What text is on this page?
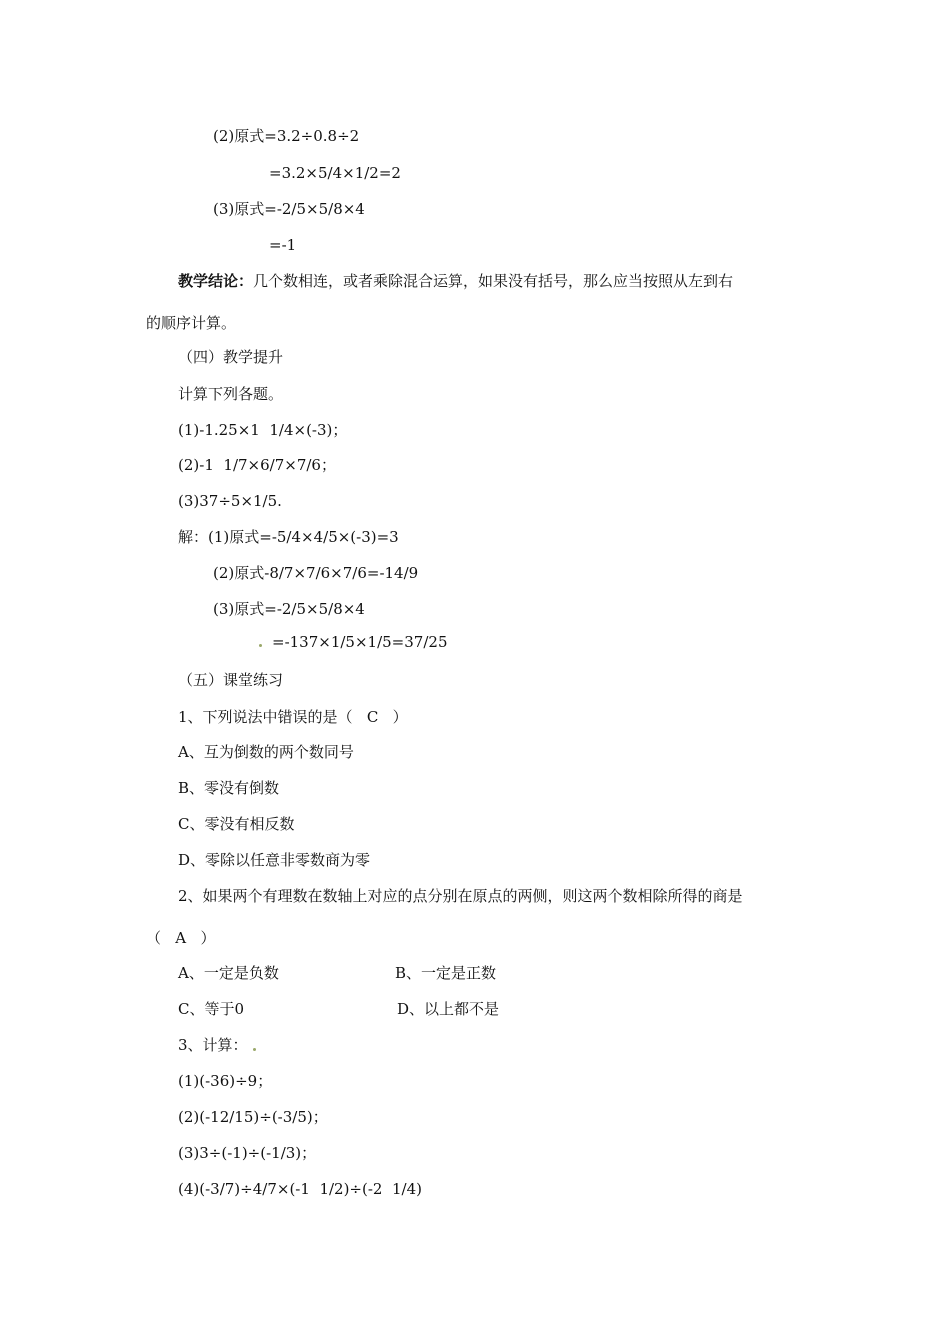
(2)原式=3.2÷0.8÷2
=3.2×5/4×1/2=2
(3)原式=-2/5×5/8×4
=-1
教学结论：几个数相连，或者乘除混合运算，如果没有括号，那么应当按照从左到右
的顺序计算。
（四）教学提升
计算下列各题。
(1)-1.25×1  1/4×(-3)；
(2)-1  1/7×6/7×7/6；
(3)37÷5×1/5.
解：(1)原式=-5/4×4/5×(-3)=3
(2)原式-8/7×7/6×7/6=-14/9
(3)原式=-2/5×5/8×4
=-137×1/5×1/5=37/25
（五）课堂练习
1、下列说法中错误的是（   C   ）
A、互为倒数的两个数同号
B、零没有倒数
C、零没有相反数
D、零除以任意非零数商为零
2、如果两个有理数在数轴上对应的点分别在原点的两侧，则这两个数相除所得的商是
（   A   ）
A、一定是负数	B、一定是正数
C、等于0	D、以上都不是
3、计算：
(1)(-36)÷9；
(2)(-12/15)÷(-3/5)；
(3)3÷(-1)÷(-1/3)；
(4)(-3/7)÷4/7×(-1  1/2)÷(-2  1/4)
